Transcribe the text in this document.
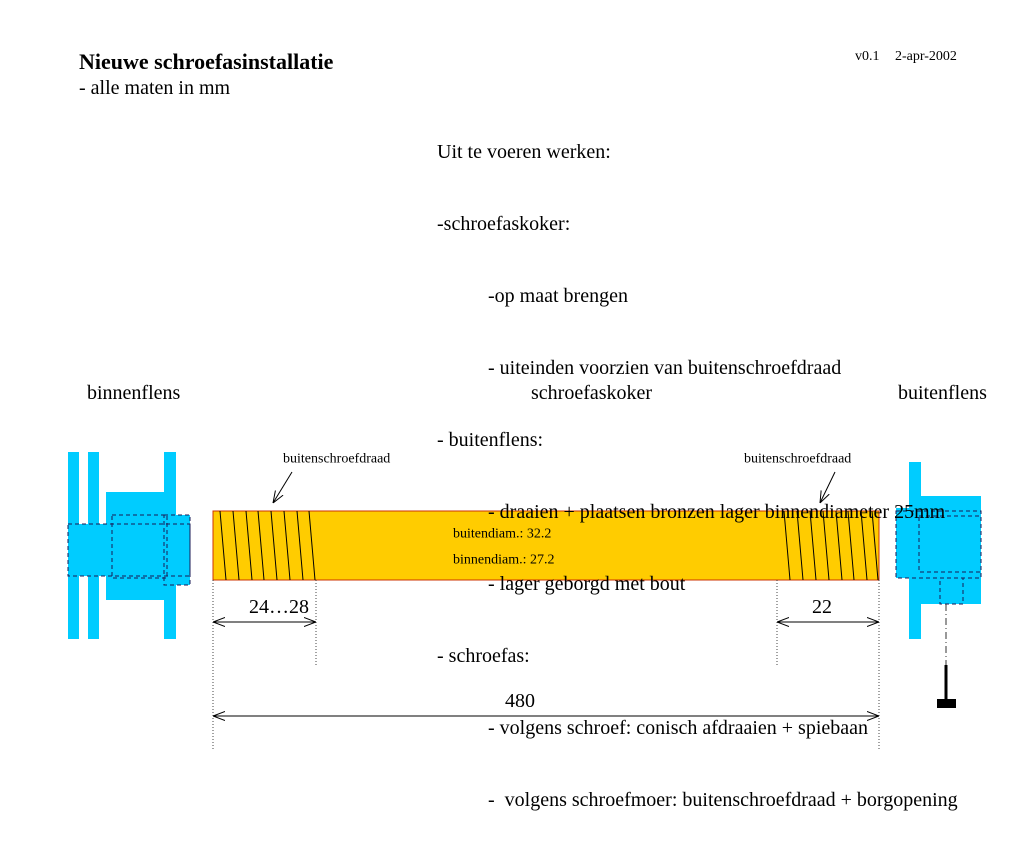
buitendiam.: 32.2
binnendiam.: 27.2
buitenschroefdraad	buitenschroefdraad
24…28	22
480
binnenflens	schroefaskoker	buitenflens
Nieuwe schroefasinstallatie
- alle maten in mm
v0.1 2-apr-2002

Uit te voeren werken:

-schroefaskoker:

-op maat brengen

- uiteinden voorzien van buitenschroefdraad

- buitenflens:

- draaien + plaatsen bronzen lager binnendiameter 25mm

- lager geborgd met bout

- schroefas:

- volgens schroef: conisch afdraaien + spiebaan

-  volgens schroefmoer: buitenschroefdraad + borgopening
